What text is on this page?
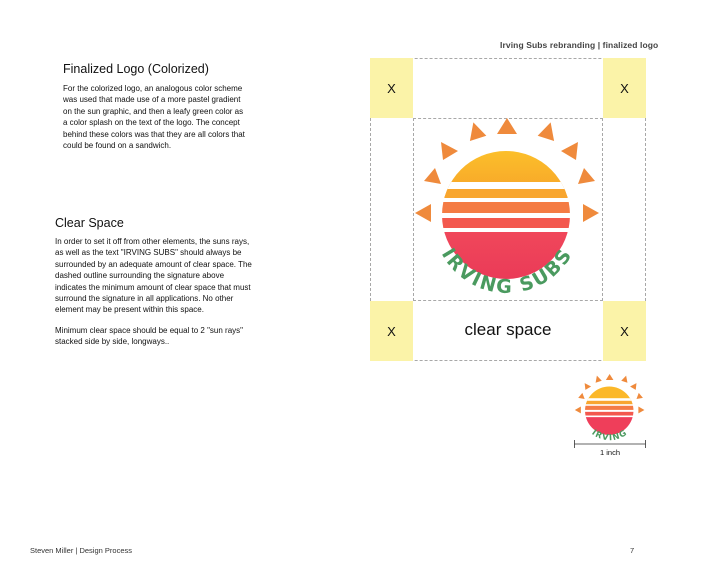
Irving Subs rebranding | finalized logo
Finalized Logo (Colorized)

For the colorized logo, an analogous color scheme was used that made use of a more pastel gradient on the sun graphic, and then a leafy green color as a color splash on the text of the logo. The concept behind these colors was that they are all colors that could be found on a sandwich.

Clear Space

In order to set it off from other elements, the suns rays, as well as the text "IRVING SUBS" should always be surrounded by an adequate amount of clear space. The dashed outline surrounding the signature above indicates the minimum amount of clear space that must surround the signature in all applications. No other element may be present within this space.

Minimum clear space should be equal to 2 "sun rays" stacked side by side, longways..

X	X
X	X
clear space
IRVING SUBS
IRVING
1 inch
Steven Miller | Design Process	7
